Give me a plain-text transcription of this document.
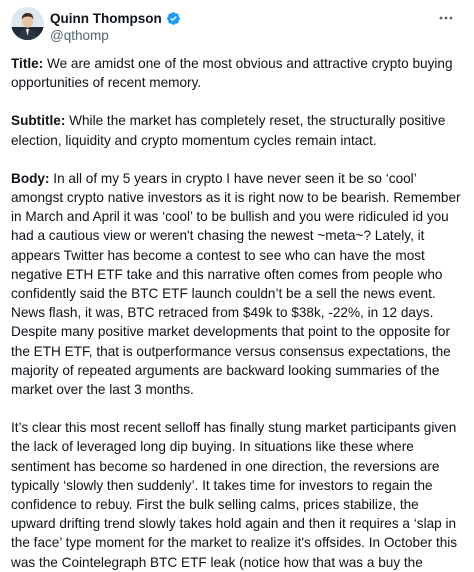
Quinn Thompson
@qthomp

Title: We are amidst one of the most obvious and attractive crypto buying opportunities of recent memory.

Subtitle: While the market has completely reset, the structurally positive election, liquidity and crypto momentum cycles remain intact.

Body: In all of my 5 years in crypto I have never seen it be so ‘cool’ amongst crypto native investors as it is right now to be bearish. Remember in March and April it was ‘cool’ to be bullish and you were ridiculed id you had a cautious view or weren't chasing the newest ~meta~? Lately, it appears Twitter has become a contest to see who can have the most negative ETH ETF take and this narrative often comes from people who confidently said the BTC ETF launch couldn’t be a sell the news event. News flash, it was, BTC retraced from $49k to $38k, -22%, in 12 days. Despite many positive market developments that point to the opposite for the ETH ETF, that is outperformance versus consensus expectations, the majority of repeated arguments are backward looking summaries of the market over the last 3 months.

It’s clear this most recent selloff has finally stung market participants given the lack of leveraged long dip buying. In situations like these where sentiment has become so hardened in one direction, the reversions are typically ‘slowly then suddenly’. It takes time for investors to regain the confidence to rebuy. First the bulk selling calms, prices stabilize, the upward drifting trend slowly takes hold again and then it requires a ‘slap in the face’ type moment for the market to realize it's offsides. In October this was the Cointelegraph BTC ETF leak (notice how that was a buy the
